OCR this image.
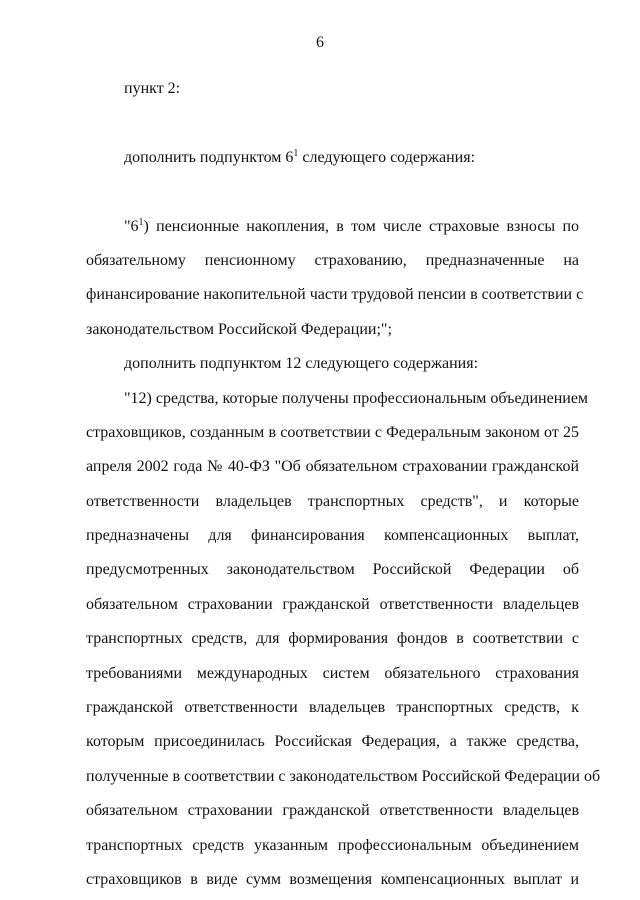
6
пункт 2:
дополнить подпунктом $6^1$ следующего содержания:
"$6^1$) пенсионные накопления, в том числе страховые взносы по
обязательному пенсионному страхованию, предназначенные на
финансирование накопительной части трудовой пенсии в соответствии с
законодательством Российской Федерации;";
дополнить подпунктом 12 следующего содержания:
"12) средства, которые получены профессиональным объединением
страховщиков, созданным в соответствии с Федеральным законом от 25
апреля 2002 года № 40-ФЗ "Об обязательном страховании гражданской
ответственности владельцев транспортных средств", и которые
предназначены для финансирования компенсационных выплат,
предусмотренных законодательством Российской Федерации об
обязательном страховании гражданской ответственности владельцев
транспортных средств, для формирования фондов в соответствии с
требованиями международных систем обязательного страхования
гражданской ответственности владельцев транспортных средств, к
которым присоединилась Российская Федерация, а также средства,
полученные в соответствии с законодательством Российской Федерации об
обязательном страховании гражданской ответственности владельцев
транспортных средств указанным профессиональным объединением
страховщиков в виде сумм возмещения компенсационных выплат и
